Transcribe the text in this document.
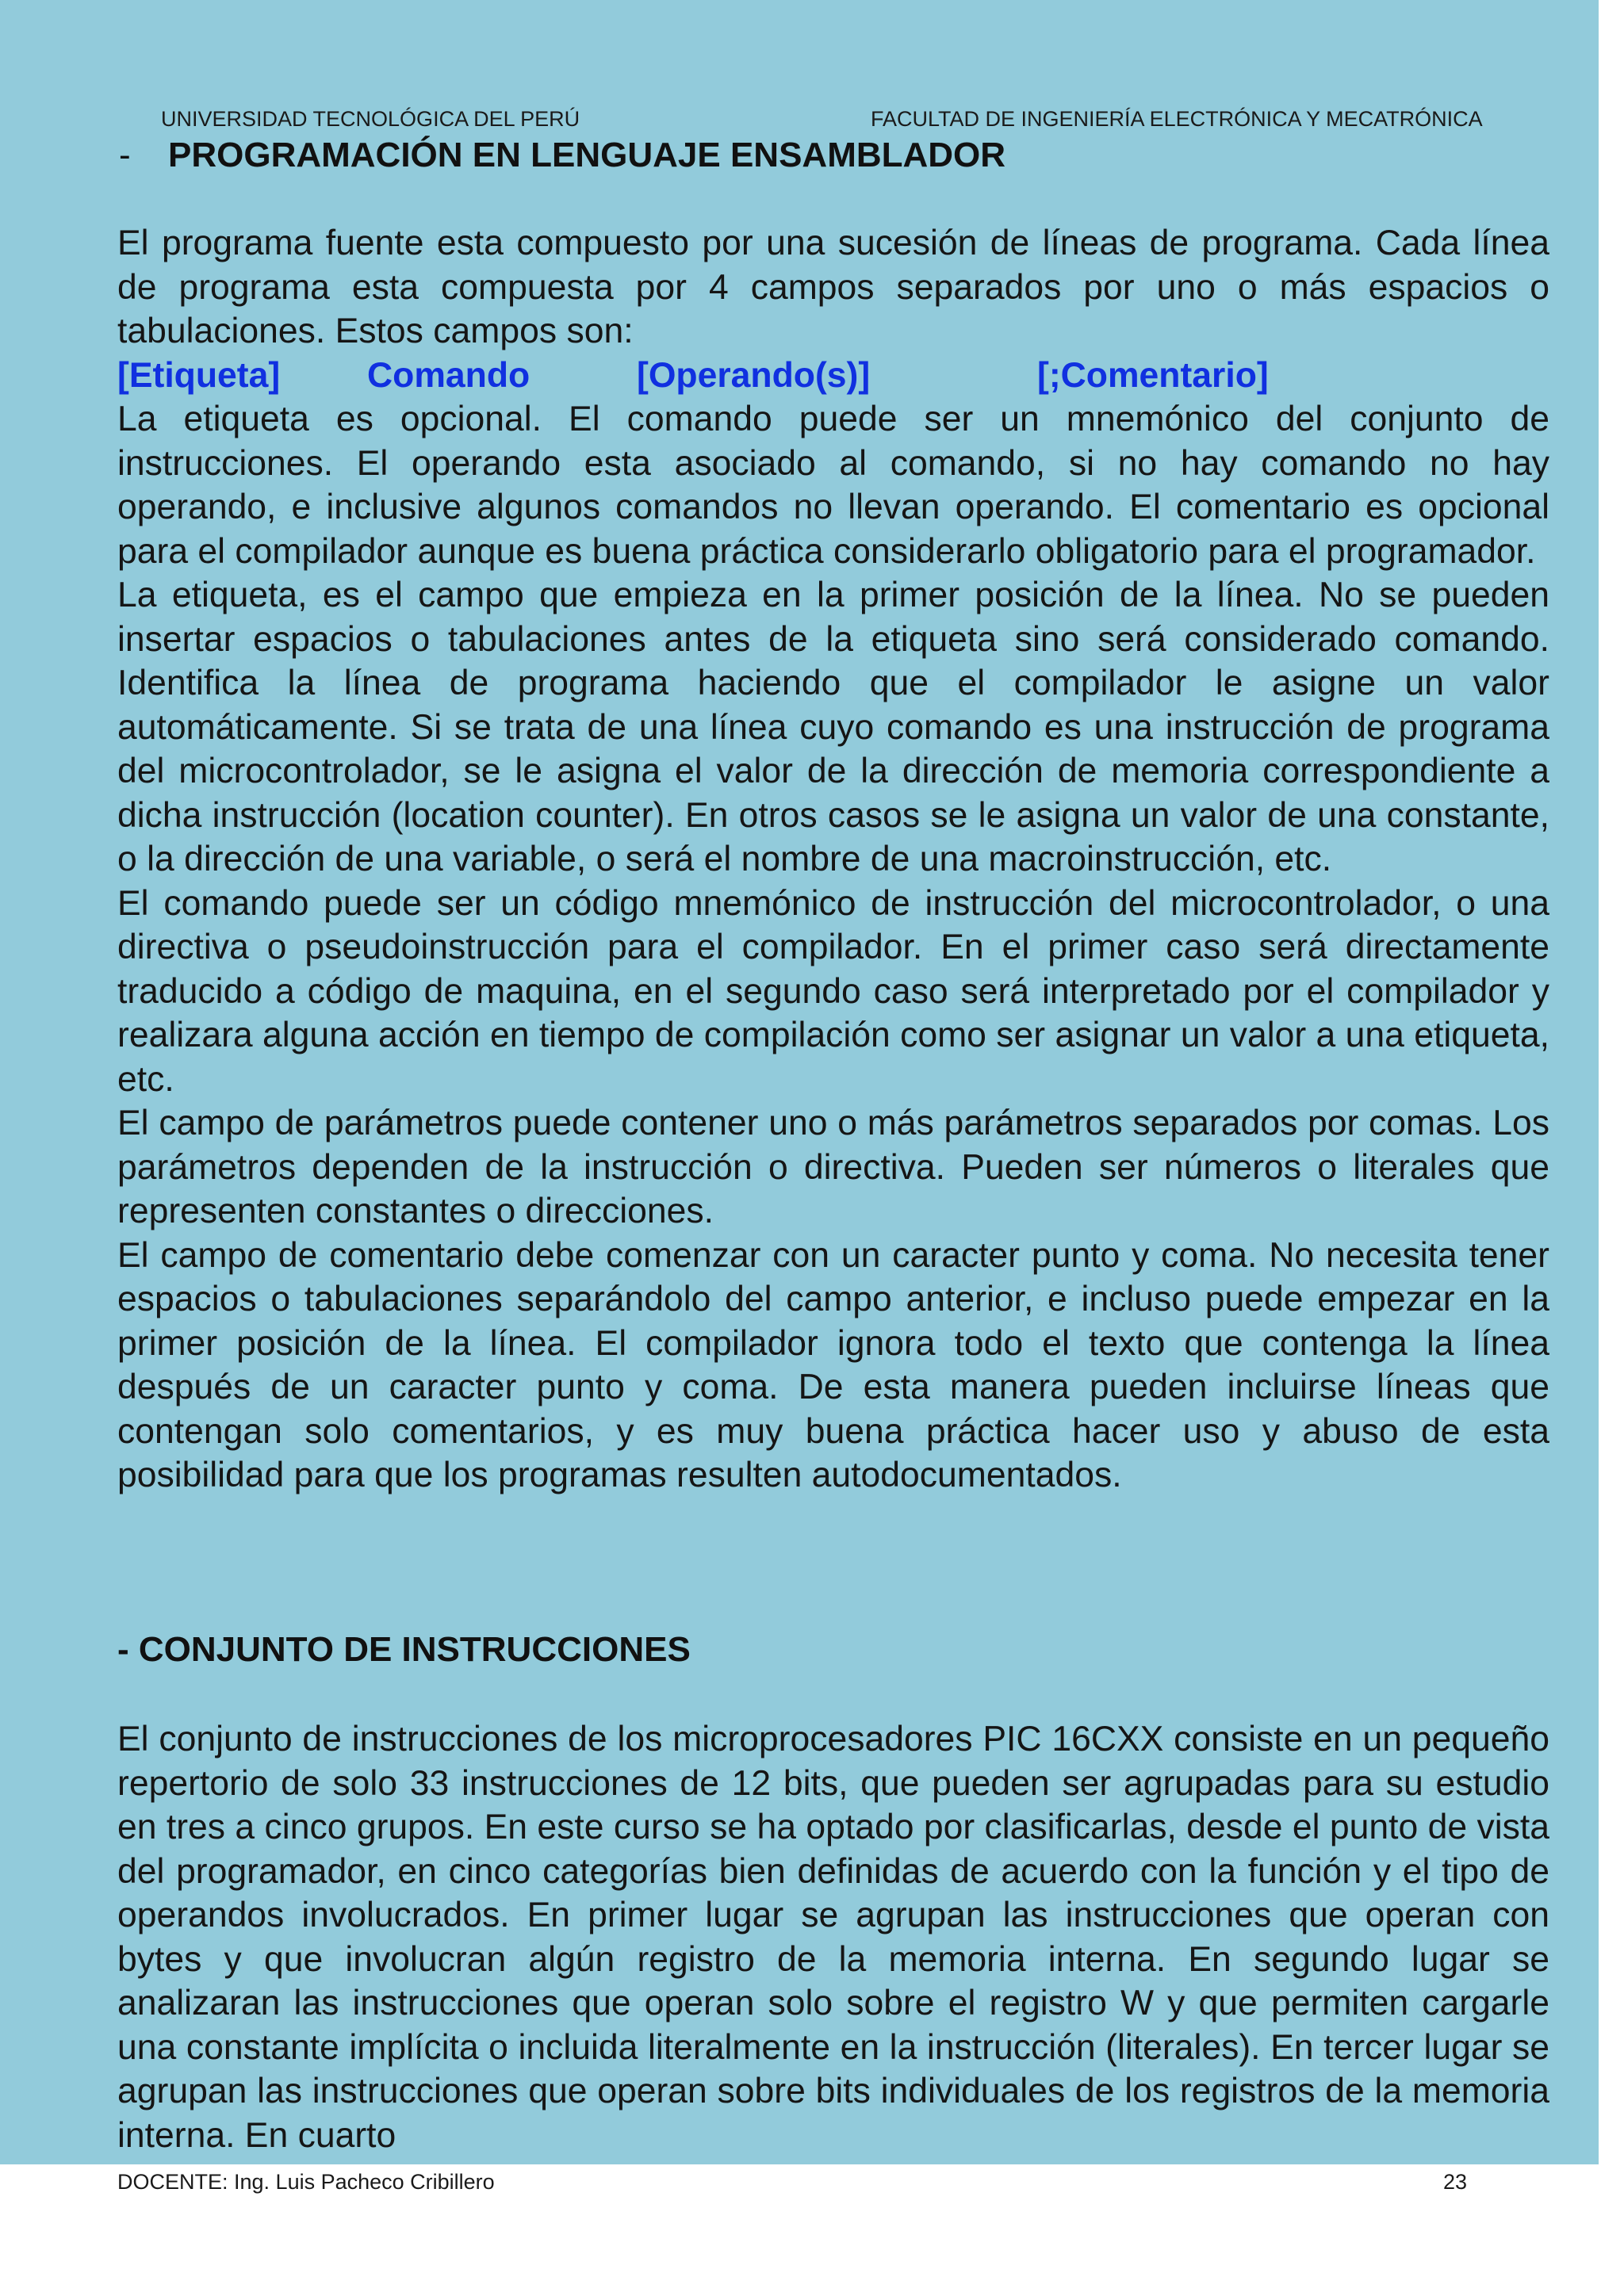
UNIVERSIDAD TECNOLÓGICA DEL PERÚ	FACULTAD DE INGENIERÍA ELECTRÓNICA Y MECATRÓNICA
- PROGRAMACIÓN EN LENGUAJE ENSAMBLADOR

El programa fuente esta compuesto por una sucesión de líneas de programa. Cada línea de programa esta compuesta por 4 campos separados por uno o más espacios o tabulaciones. Estos campos son:

[Etiqueta]	Comando	[Operando(s)]	[;Comentario]

La etiqueta es opcional. El comando puede ser un mnemónico del conjunto de instrucciones. El operando esta asociado al comando, si no hay comando no hay operando, e inclusive algunos comandos no llevan operando. El comentario es opcional para el compilador aunque es buena práctica considerarlo obligatorio para el programador.

La etiqueta, es el campo que empieza en la primer posición de la línea. No se pueden insertar espacios o tabulaciones antes de la etiqueta sino será considerado comando. Identifica la línea de programa haciendo que el compilador le asigne un valor automáticamente. Si se trata de una línea cuyo comando es una instrucción de programa del microcontrolador, se le asigna el valor de la dirección de memoria correspondiente a dicha instrucción (location counter). En otros casos se le asigna un valor de una constante, o la dirección de una variable, o será el nombre de una macroinstrucción, etc.

El comando puede ser un código mnemónico de instrucción del microcontrolador, o una directiva o pseudoinstrucción para el compilador. En el primer caso será directamente traducido a código de maquina, en el segundo caso será interpretado por el compilador y realizara alguna acción en tiempo de compilación como ser asignar un valor a una etiqueta, etc.

El campo de parámetros puede contener uno o más parámetros separados por comas. Los parámetros dependen de la instrucción o directiva. Pueden ser números o literales que representen constantes o direcciones.

El campo de comentario debe comenzar con un caracter punto y coma. No necesita tener espacios o tabulaciones separándolo del campo anterior, e incluso puede empezar en la primer posición de la línea. El compilador ignora todo el texto que contenga la línea después de un caracter punto y coma. De esta manera pueden incluirse líneas que contengan solo comentarios, y es muy buena práctica hacer uso y abuso de esta posibilidad para que los programas resulten autodocumentados.

- CONJUNTO DE INSTRUCCIONES

El conjunto de instrucciones de los microprocesadores PIC 16CXX consiste en un pequeño repertorio de solo 33 instrucciones de 12 bits, que pueden ser agrupadas para su estudio en tres a cinco grupos. En este curso se ha optado por clasificarlas, desde el punto de vista del programador, en cinco categorías bien definidas de acuerdo con la función y el tipo de operandos involucrados. En primer lugar se agrupan las instrucciones que operan con bytes y que involucran algún registro de la memoria interna. En segundo lugar se analizaran las instrucciones que operan solo sobre el registro W y que permiten cargarle una constante implícita o incluida literalmente en la instrucción (literales). En tercer lugar se agrupan las instrucciones que operan sobre bits individuales de los registros de la memoria interna. En cuarto

DOCENTE: Ing. Luis Pacheco Cribillero	23
